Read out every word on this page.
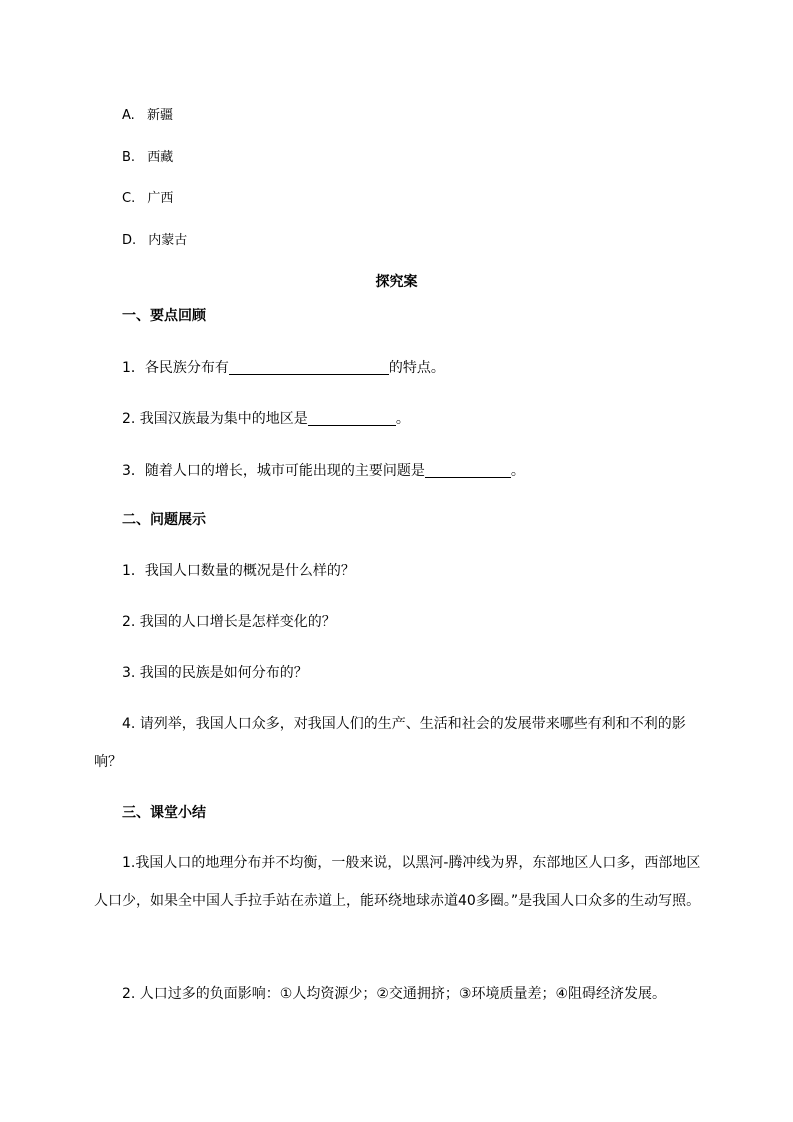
A. 新疆
B. 西藏
C. 广西
D. 内蒙古
探究案
一、要点回顾
1．各民族分布有	的特点。
2. 我国汉族最为集中的地区是	。
3．随着人口的增长，城市可能出现的主要问题是	。
二、问题展示
1．我国人口数量的概况是什么样的？
2. 我国的人口增长是怎样变化的？
3. 我国的民族是如何分布的？
4. 请列举，我国人口众多，对我国人们的生产、生活和社会的发展带来哪些有利和不利的影响？
三、课堂小结
1.我国人口的地理分布并不均衡，一般来说，以黑河-腾冲线为界，东部地区人口多，西部地区人口少，如果全中国人手拉手站在赤道上，能环绕地球赤道40多圈。”是我国人口众多的生动写照。
2. 人口过多的负面影响：①人均资源少；②交通拥挤；③环境质量差；④阻碍经济发展。
